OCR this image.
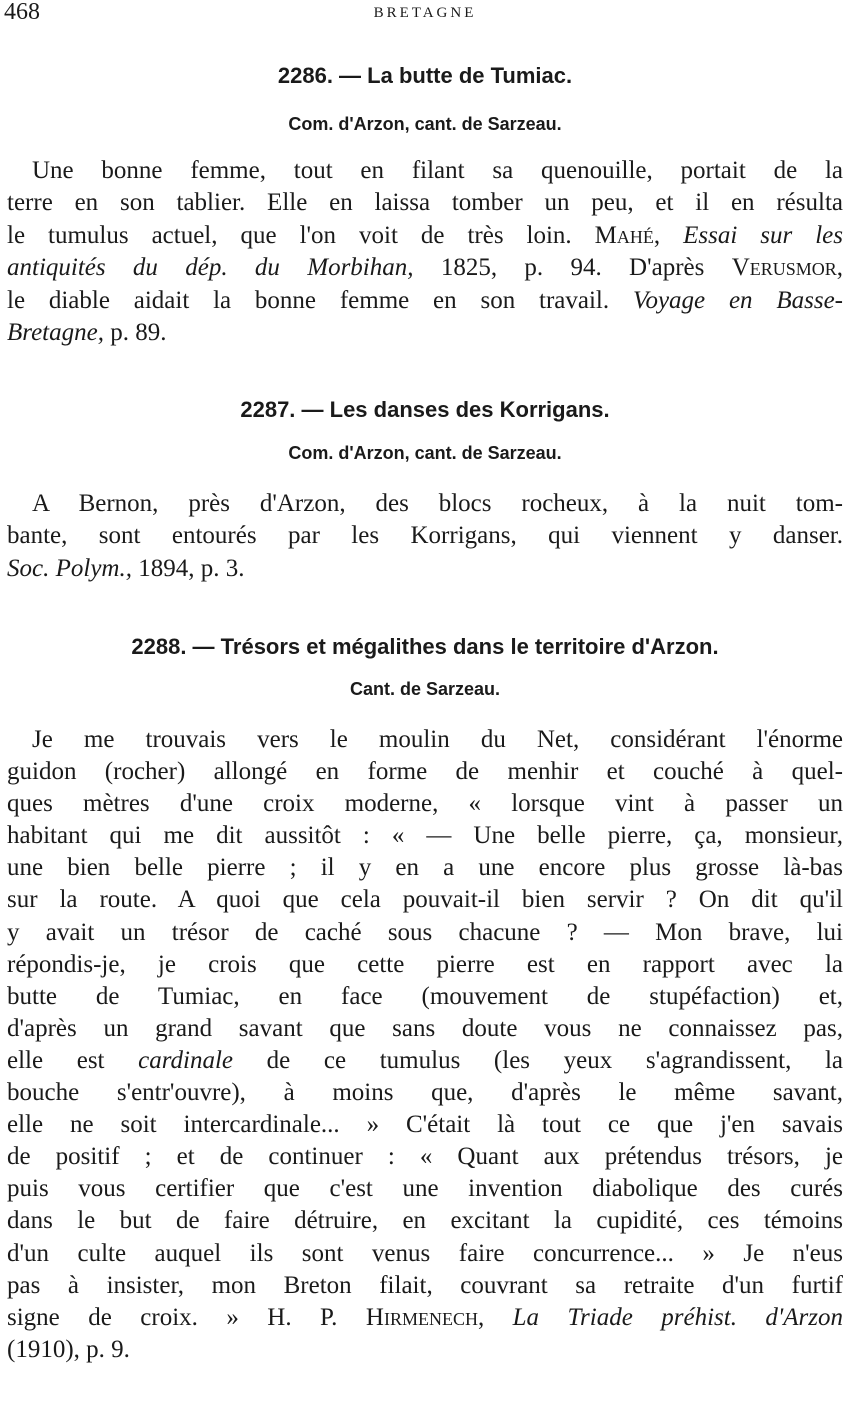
468	BRETAGNE
2286. — La butte de Tumiac.
Com. d'Arzon, cant. de Sarzeau.
Une bonne femme, tout en filant sa quenouille, portait de la
terre en son tablier. Elle en laissa tomber un peu, et il en résulta
le tumulus actuel, que l'on voit de très loin. Mahé, Essai sur les
antiquités du dép. du Morbihan, 1825, p. 94. D'après Verusmor,
le diable aidait la bonne femme en son travail. Voyage en Basse-
Bretagne, p. 89.
2287. — Les danses des Korrigans.
Com. d'Arzon, cant. de Sarzeau.
A Bernon, près d'Arzon, des blocs rocheux, à la nuit tom-
bante, sont entourés par les Korrigans, qui viennent y danser.
Soc. Polym., 1894, p. 3.
2288. — Trésors et mégalithes dans le territoire d'Arzon.
Cant. de Sarzeau.
Je me trouvais vers le moulin du Net, considérant l'énorme
guidon (rocher) allongé en forme de menhir et couché à quel-
ques mètres d'une croix moderne, « lorsque vint à passer un
habitant qui me dit aussitôt : « — Une belle pierre, ça, monsieur,
une bien belle pierre ; il y en a une encore plus grosse là-bas
sur la route. A quoi que cela pouvait-il bien servir ? On dit qu'il
y avait un trésor de caché sous chacune ? — Mon brave, lui
répondis-je, je crois que cette pierre est en rapport avec la
butte de Tumiac, en face (mouvement de stupéfaction) et,
d'après un grand savant que sans doute vous ne connaissez pas,
elle est cardinale de ce tumulus (les yeux s'agrandissent, la
bouche s'entr'ouvre), à moins que, d'après le même savant,
elle ne soit intercardinale... » C'était là tout ce que j'en savais
de positif ; et de continuer : « Quant aux prétendus trésors, je
puis vous certifier que c'est une invention diabolique des curés
dans le but de faire détruire, en excitant la cupidité, ces témoins
d'un culte auquel ils sont venus faire concurrence... » Je n'eus
pas à insister, mon Breton filait, couvrant sa retraite d'un furtif
signe de croix. » H. P. Hirmenech, La Triade préhist. d'Arzon
(1910), p. 9.
